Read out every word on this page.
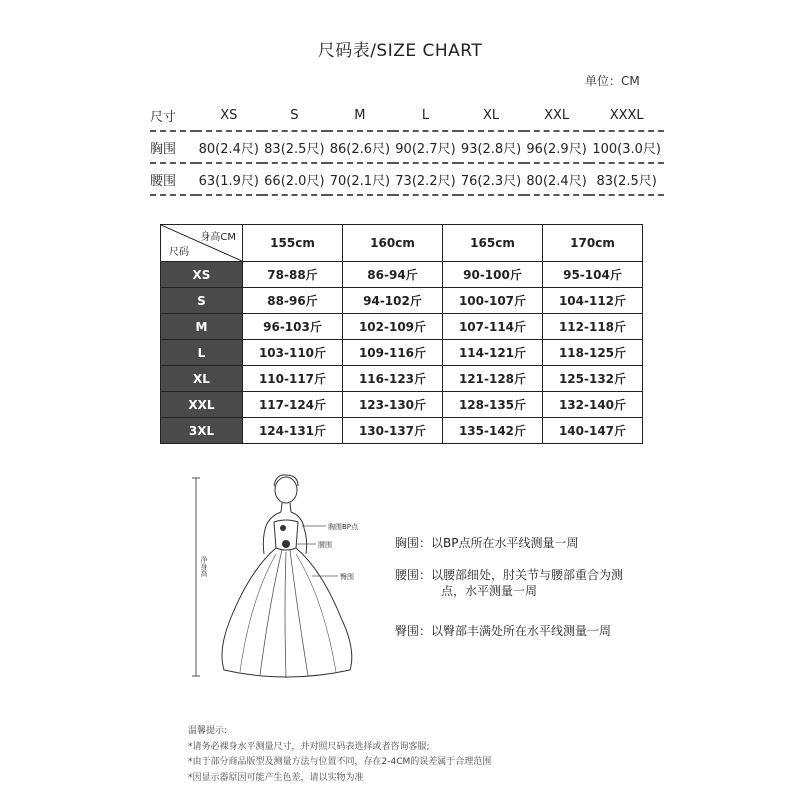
尺码表/SIZE CHART
单位：CM
尺寸	XS	S	M	L	XL	XXL	XXXL
胸围	80(2.4尺)	83(2.5尺)	86(2.6尺)	90(2.7尺)	93(2.8尺)	96(2.9尺)	100(3.0尺)
腰围	63(1.9尺)	66(2.0尺)	70(2.1尺)	73(2.2尺)	76(2.3尺)	80(2.4尺)	83(2.5尺)
身高CM
尺码	155cm	160cm	165cm	170cm
XS	78-88斤	86-94斤	90-100斤	95-104斤
S	88-96斤	94-102斤	100-107斤	104-112斤
M	96-103斤	102-109斤	107-114斤	112-118斤
L	103-110斤	109-116斤	114-121斤	118-125斤
XL	110-117斤	116-123斤	121-128斤	125-132斤
XXL	117-124斤	123-130斤	128-135斤	132-140斤
3XL	124-131斤	130-137斤	135-142斤	140-147斤
净身高
胸围BP点
腰围
臀围
胸围：以BP点所在水平线测量一周
腰围：以腰部细处，肘关节与腰部重合为测
点，水平测量一周
臀围：以臀部丰满处所在水平线测量一周
温馨提示:
*请务必裸身水平测量尺寸，并对照尺码表选择或者咨询客服;
*由于部分商品版型及测量方法与位置不同，存在2-4CM的误差属于合理范围
*因显示器原因可能产生色差，请以实物为准
